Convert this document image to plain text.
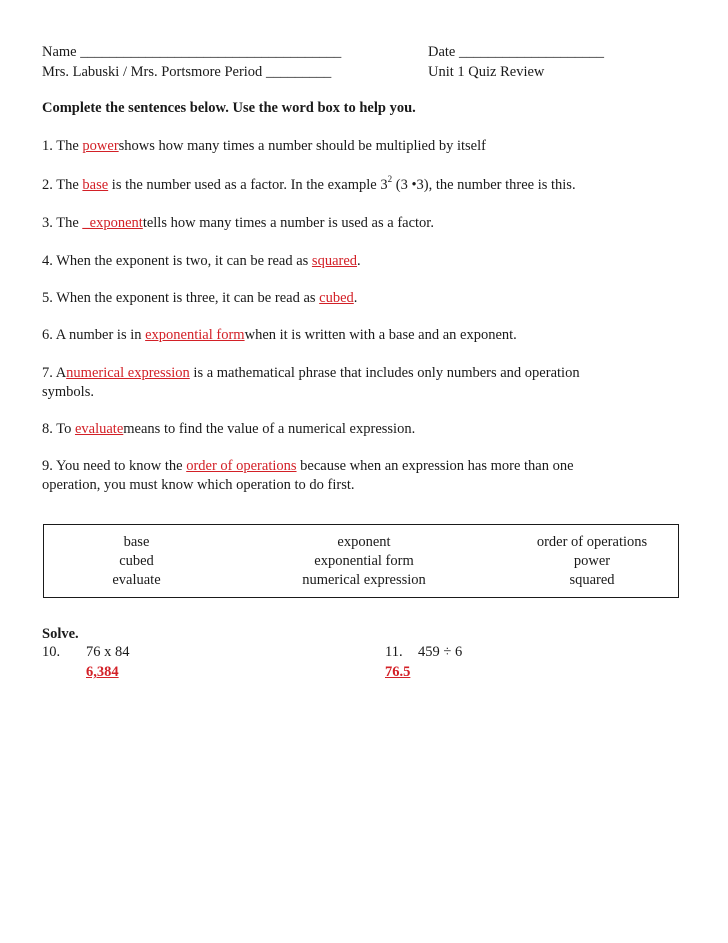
Name ____________________________________	Date ____________________
Mrs. Labuski / Mrs. Portsmore Period _________	Unit 1 Quiz Review
Complete the sentences below. Use the word box to help you.
1. The powershows how many times a number should be multiplied by itself
2. The base is the number used as a factor. In the example $3^2$ (3 •3), the number three is this.
3. The _exponenttells how many times a number is used as a factor.
4. When the exponent is two, it can be read as squared.
5. When the exponent is three, it can be read as cubed.
6. A number is in exponential formwhen it is written with a base and an exponent.
7. Anumerical expression is a mathematical phrase that includes only numbers and operation
symbols.
8. To evaluatemeans to find the value of a numerical expression.
9. You need to know the order of operations because when an expression has more than one
operation, you must know which operation to do first.
base
cubed
evaluate
exponent
exponential form
numerical expression
order of operations
power
squared
Solve.
10. 76 x 84
6,384
11. 459 ÷ 6
76.5
